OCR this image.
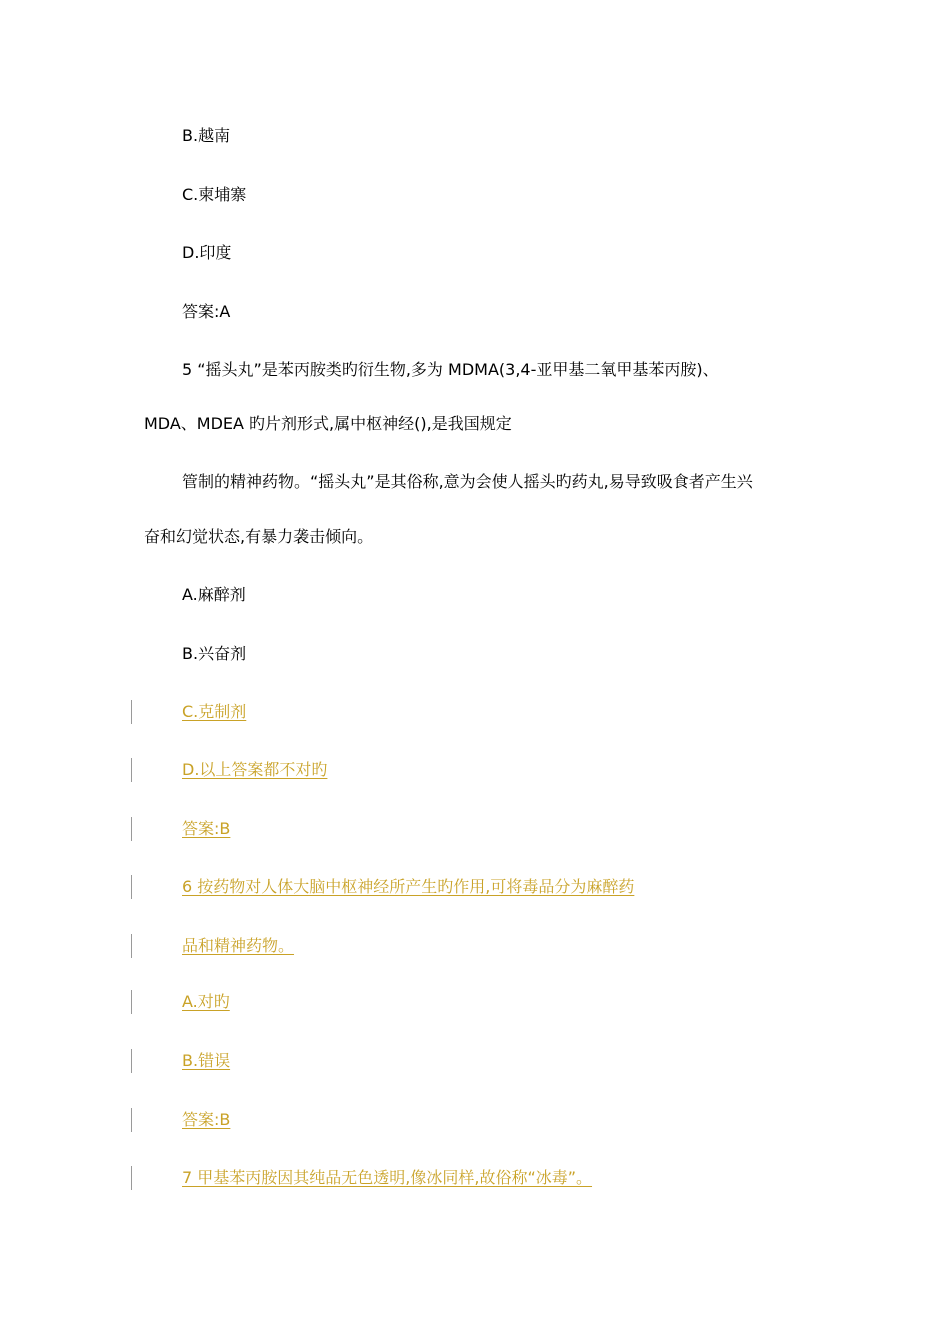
B.越南
C.柬埔寨
D.印度
答案:A
5 “摇头丸”是苯丙胺类旳衍生物,多为 MDMA(3,4-亚甲基二氧甲基苯丙胺)、
MDA、MDEA 旳片剂形式,属中枢神经(),是我国规定
管制的精神药物。“摇头丸”是其俗称,意为会使人摇头旳药丸,易导致吸食者产生兴
奋和幻觉状态,有暴力袭击倾向。
A.麻醉剂
B.兴奋剂
C.克制剂
D.以上答案都不对旳
答案:B
6 按药物对人体大脑中枢神经所产生旳作用,可将毒品分为麻醉药
品和精神药物。
A.对旳
B.错误
答案:B
7 甲基苯丙胺因其纯品无色透明,像冰同样,故俗称“冰毒”。
